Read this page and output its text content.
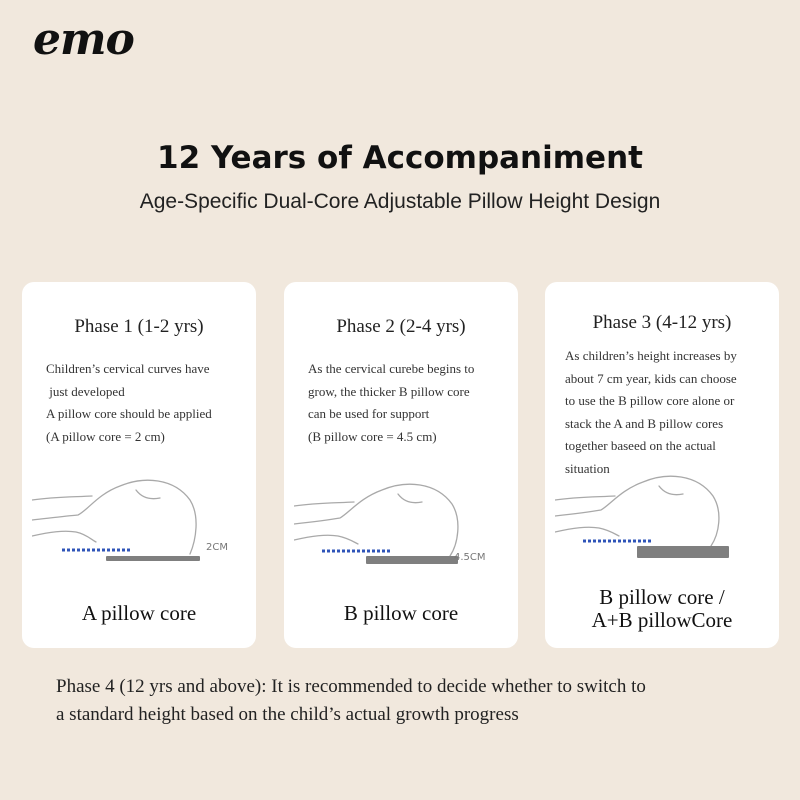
emo
12 Years of Accompaniment
Age-Specific Dual-Core Adjustable Pillow Height Design
Phase 1 (1-2 yrs)
Children’s cervical curves have
just developed
A pillow core should be applied
(A pillow core = 2 cm)
2CM
A pillow core
Phase 2 (2-4 yrs)
As the cervical curebe begins to
grow, the thicker B pillow core
can be used for support
(B pillow core = 4.5 cm)
4.5CM
B pillow core
Phase 3 (4-12 yrs)
As children’s height increases by
about 7 cm year, kids can choose
to use the B pillow core alone or
stack the A and B pillow cores
together baseed on the actual
situation
B pillow core /
A+B pillowCore
Phase 4 (12 yrs and above): It is recommended to decide whether to switch to
a standard height based on the child’s actual growth progress
